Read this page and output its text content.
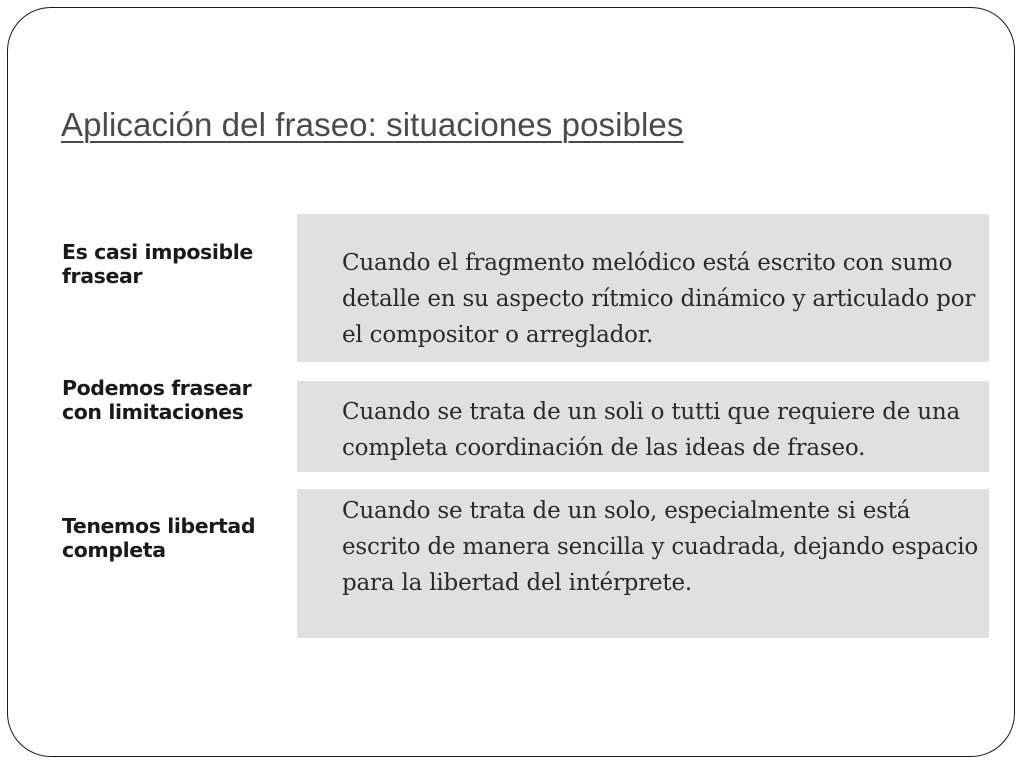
Aplicación del fraseo: situaciones posibles
Es casi imposible frasear	Cuando el fragmento melódico está escrito con sumo detalle en su aspecto rítmico dinámico y articulado por el compositor o arreglador.

Podemos frasear con limitaciones	Cuando se trata de un soli o tutti que requiere de una completa coordinación de las ideas de fraseo.

Tenemos libertad completa

Cuando se trata de un solo, especialmente si está escrito de manera sencilla y cuadrada, dejando espacio para la libertad del intérprete.
